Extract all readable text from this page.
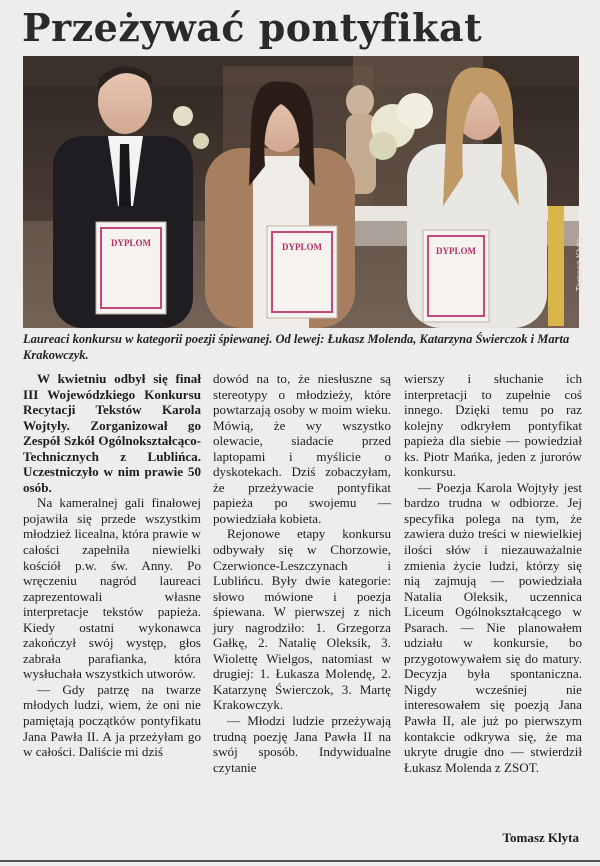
Przeżywać pontyfikat
DYPLOM	DYPLOM	DYPLOM	Tomasz Klyta
Laureaci konkursu w kategorii poezji śpiewanej. Od lewej: Łukasz Molenda, Katarzyna Świerczok i Marta Krakowczyk.

W kwietniu odbył się finał III Wojewódzkiego Konkursu Recytacji Tekstów Karola Wojtyły. Zorganizował go Zespół Szkół Ogólnokształcąco-Technicznych z Lublińca. Uczestniczyło w nim prawie 50 osób.

Na kameralnej gali finałowej pojawiła się przede wszystkim młodzież licealna, która prawie w całości zapełniła niewielki kościół p.w. św. Anny. Po wręczeniu nagród laureaci zaprezentowali własne interpretacje tekstów papieża. Kiedy ostatni wykonawca zakończył swój występ, głos zabrała parafianka, która wysłuchała wszystkich utworów.

— Gdy patrzę na twarze młodych ludzi, wiem, że oni nie pamiętają początków pontyfikatu Jana Pawła II. A ja przeżyłam go w całości. Daliście mi dziś

dowód na to, że niesłuszne są stereotypy o młodzieży, które powtarzają osoby w moim wieku. Mówią, że wy wszystko olewacie, siadacie przed laptopami i myślicie o dyskotekach. Dziś zobaczyłam, że przeżywacie pontyfikat papieża po swojemu — powiedziała kobieta.

Rejonowe etapy konkursu odbywały się w Chorzowie, Czerwionce-Leszczynach i Lublińcu. Były dwie kategorie: słowo mówione i poezja śpiewana. W pierwszej z nich jury nagrodziło: 1. Grzegorza Gałkę, 2. Natalię Oleksik, 3. Wiolettę Wielgos, natomiast w drugiej: 1. Łukasza Molendę, 2. Katarzynę Świerczok, 3. Martę Krakowczyk.

— Młodzi ludzie przeżywają trudną poezję Jana Pawła II na swój sposób. Indywidualne czytanie

wierszy i słuchanie ich interpretacji to zupełnie coś innego. Dzięki temu po raz kolejny odkryłem pontyfikat papieża dla siebie — powiedział ks. Piotr Mańka, jeden z jurorów konkursu.

— Poezja Karola Wojtyły jest bardzo trudna w odbiorze. Jej specyfika polega na tym, że zawiera dużo treści w niewielkiej ilości słów i niezauważalnie zmienia życie ludzi, którzy się nią zajmują — powiedziała Natalia Oleksik, uczennica Liceum Ogólnokształcącego w Psarach. — Nie planowałem udziału w konkursie, bo przygotowywałem się do matury. Decyzja była spontaniczna. Nigdy wcześniej nie interesowałem się poezją Jana Pawła II, ale już po pierwszym kontakcie odkrywa się, że ma ukryte drugie dno — stwierdził Łukasz Molenda z ZSOT.

Tomasz Klyta
